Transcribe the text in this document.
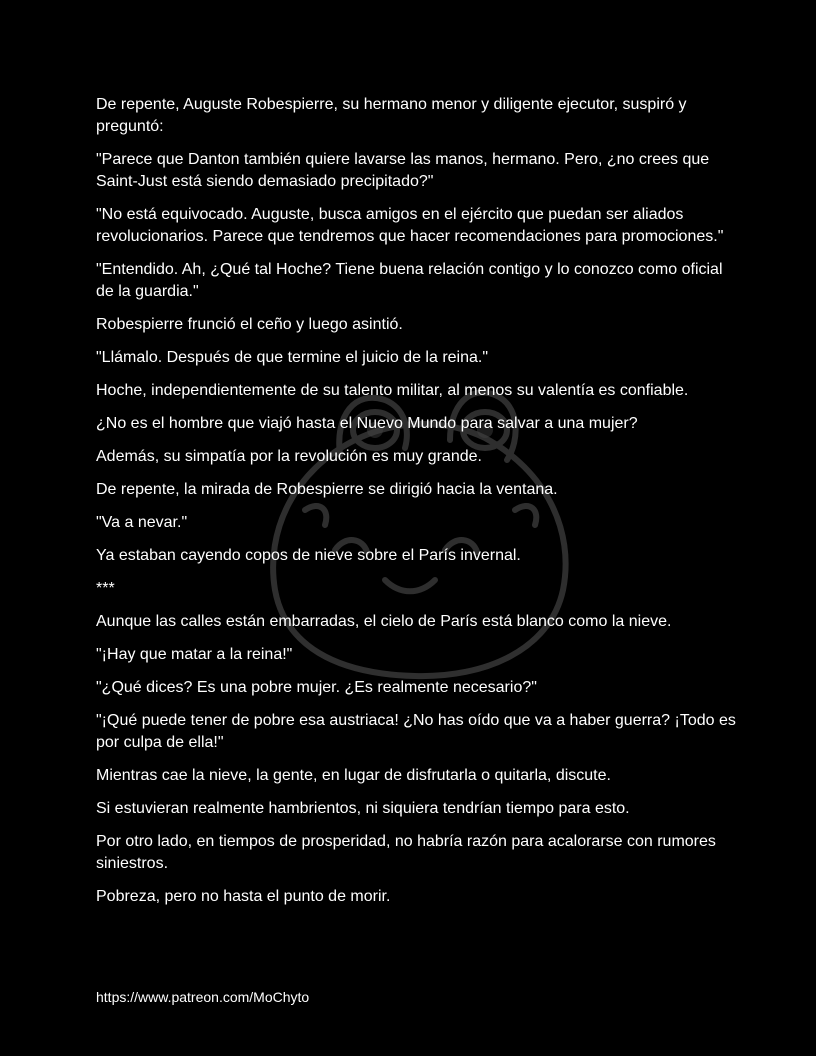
De repente, Auguste Robespierre, su hermano menor y diligente ejecutor, suspiró y preguntó:

"Parece que Danton también quiere lavarse las manos, hermano. Pero, ¿no crees que Saint-Just está siendo demasiado precipitado?"

"No está equivocado. Auguste, busca amigos en el ejército que puedan ser aliados revolucionarios. Parece que tendremos que hacer recomendaciones para promociones."

"Entendido. Ah, ¿Qué tal Hoche? Tiene buena relación contigo y lo conozco como oficial de la guardia."

Robespierre frunció el ceño y luego asintió.

"Llámalo. Después de que termine el juicio de la reina."

Hoche, independientemente de su talento militar, al menos su valentía es confiable.

¿No es el hombre que viajó hasta el Nuevo Mundo para salvar a una mujer?

Además, su simpatía por la revolución es muy grande.

De repente, la mirada de Robespierre se dirigió hacia la ventana.

"Va a nevar."

Ya estaban cayendo copos de nieve sobre el París invernal.

***

Aunque las calles están embarradas, el cielo de París está blanco como la nieve.

"¡Hay que matar a la reina!"

"¿Qué dices? Es una pobre mujer. ¿Es realmente necesario?"

"¡Qué puede tener de pobre esa austriaca! ¿No has oído que va a haber guerra? ¡Todo es por culpa de ella!"

Mientras cae la nieve, la gente, en lugar de disfrutarla o quitarla, discute.

Si estuvieran realmente hambrientos, ni siquiera tendrían tiempo para esto.

Por otro lado, en tiempos de prosperidad, no habría razón para acalorarse con rumores siniestros.

Pobreza, pero no hasta el punto de morir.

https://www.patreon.com/MoChyto
